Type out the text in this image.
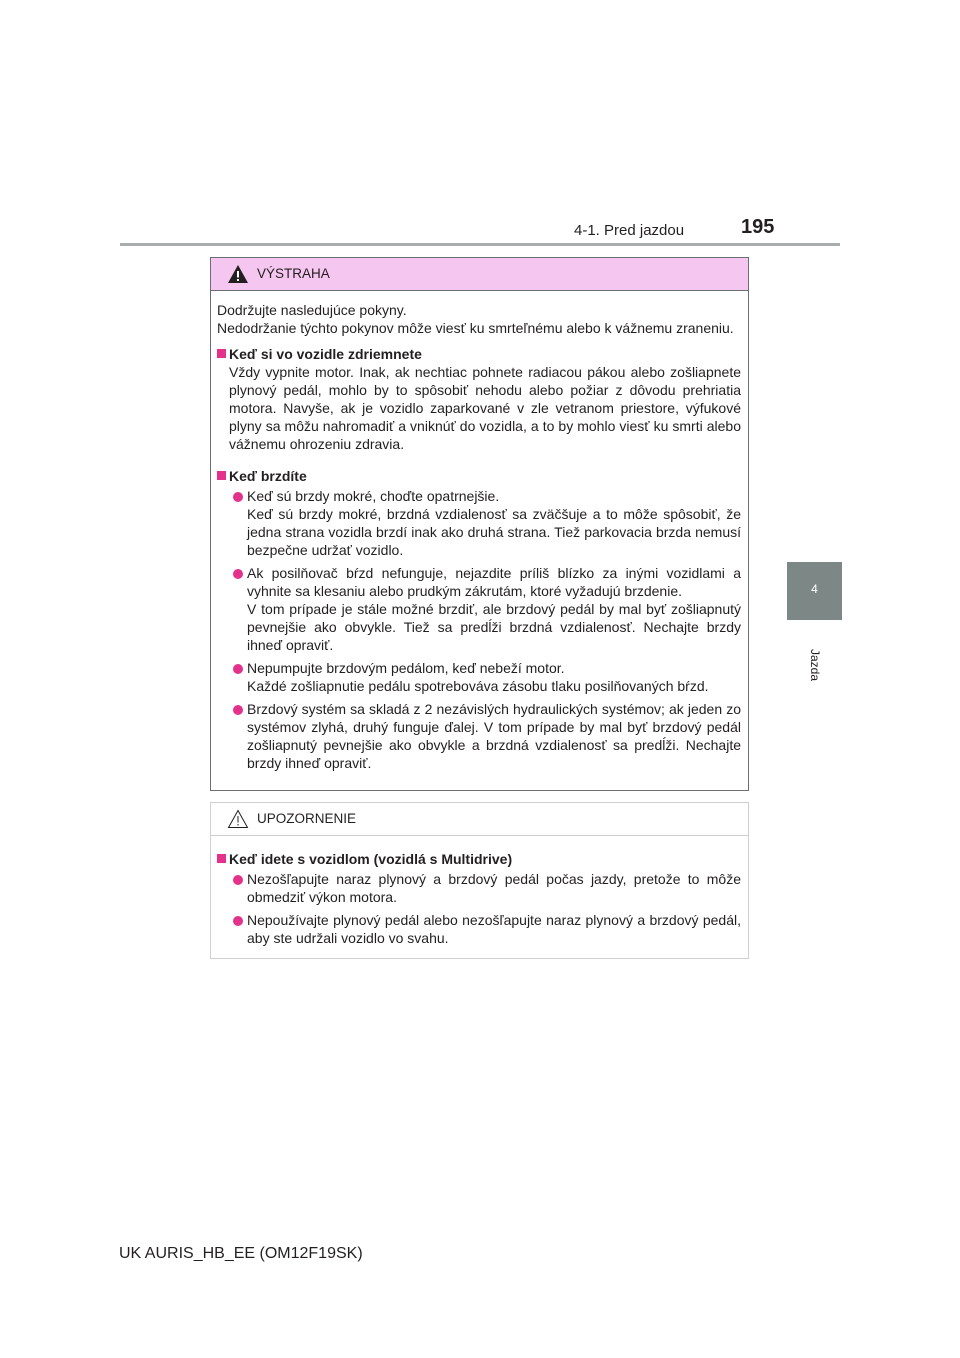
4-1. Pred jazdou	195
4
Jazda
VÝSTRAHA

Dodržujte nasledujúce pokyny.

Nedodržanie týchto pokynov môže viesť ku smrteľnému alebo k vážnemu zraneniu.

Keď si vo vozidle zdriemnete

Vždy vypnite motor. Inak, ak nechtiac pohnete radiacou pákou alebo zošliapnete plynový pedál, mohlo by to spôsobiť nehodu alebo požiar z dôvodu prehriatia motora. Navyše, ak je vozidlo zaparkované v zle vetranom priestore, výfukové plyny sa môžu nahromadiť a vniknúť do vozidla, a to by mohlo viesť ku smrti alebo vážnemu ohrozeniu zdravia.

Keď brzdíte

Keď sú brzdy mokré, choďte opatrnejšie.

Keď sú brzdy mokré, brzdná vzdialenosť sa zväčšuje a to môže spôsobiť, že jedna strana vozidla brzdí inak ako druhá strana. Tiež parkovacia brzda nemusí bezpečne udržať vozidlo.

Ak posilňovač bŕzd nefunguje, nejazdite príliš blízko za inými vozidlami a vyhnite sa klesaniu alebo prudkým zákrutám, ktoré vyžadujú brzdenie.

V tom prípade je stále možné brzdiť, ale brzdový pedál by mal byť zošliapnutý pevnejšie ako obvykle. Tiež sa predĺži brzdná vzdialenosť. Nechajte brzdy ihneď opraviť.

Nepumpujte brzdovým pedálom, keď nebeží motor.

Každé zošliapnutie pedálu spotrebováva zásobu tlaku posilňovaných bŕzd.

Brzdový systém sa skladá z 2 nezávislých hydraulických systémov; ak jeden zo systémov zlyhá, druhý funguje ďalej. V tom prípade by mal byť brzdový pedál zošliapnutý pevnejšie ako obvykle a brzdná vzdialenosť sa predĺži. Nechajte brzdy ihneď opraviť.

UPOZORNENIE
Keď idete s vozidlom (vozidlá s Multidrive)

Nezošľapujte naraz plynový a brzdový pedál počas jazdy, pretože to môže obmedziť výkon motora.

Nepoužívajte plynový pedál alebo nezošľapujte naraz plynový a brzdový pedál, aby ste udržali vozidlo vo svahu.

UK AURIS_HB_EE (OM12F19SK)
